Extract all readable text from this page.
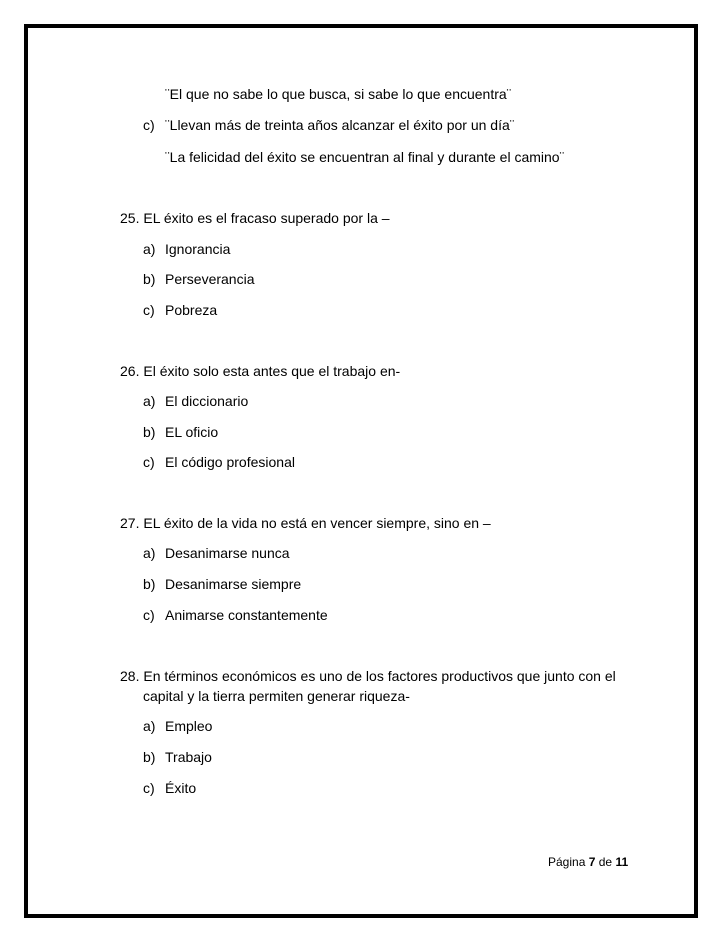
¨El que no sabe lo que busca, si sabe lo que encuentra¨
c) ¨Llevan más de treinta años alcanzar el éxito por un día¨
¨La felicidad del éxito se encuentran al final y durante el camino¨
25. EL éxito es el fracaso superado por la –
a) Ignorancia
b) Perseverancia
c) Pobreza
26. El éxito solo esta antes que el trabajo en-
a) El diccionario
b) EL oficio
c) El código profesional
27. EL éxito de la vida no está en vencer siempre, sino en –
a) Desanimarse nunca
b) Desanimarse siempre
c) Animarse constantemente
28. En términos económicos es uno de los factores productivos que junto con el
capital y la tierra permiten generar riqueza-
a) Empleo
b) Trabajo
c) Éxito
Página 7 de 11
